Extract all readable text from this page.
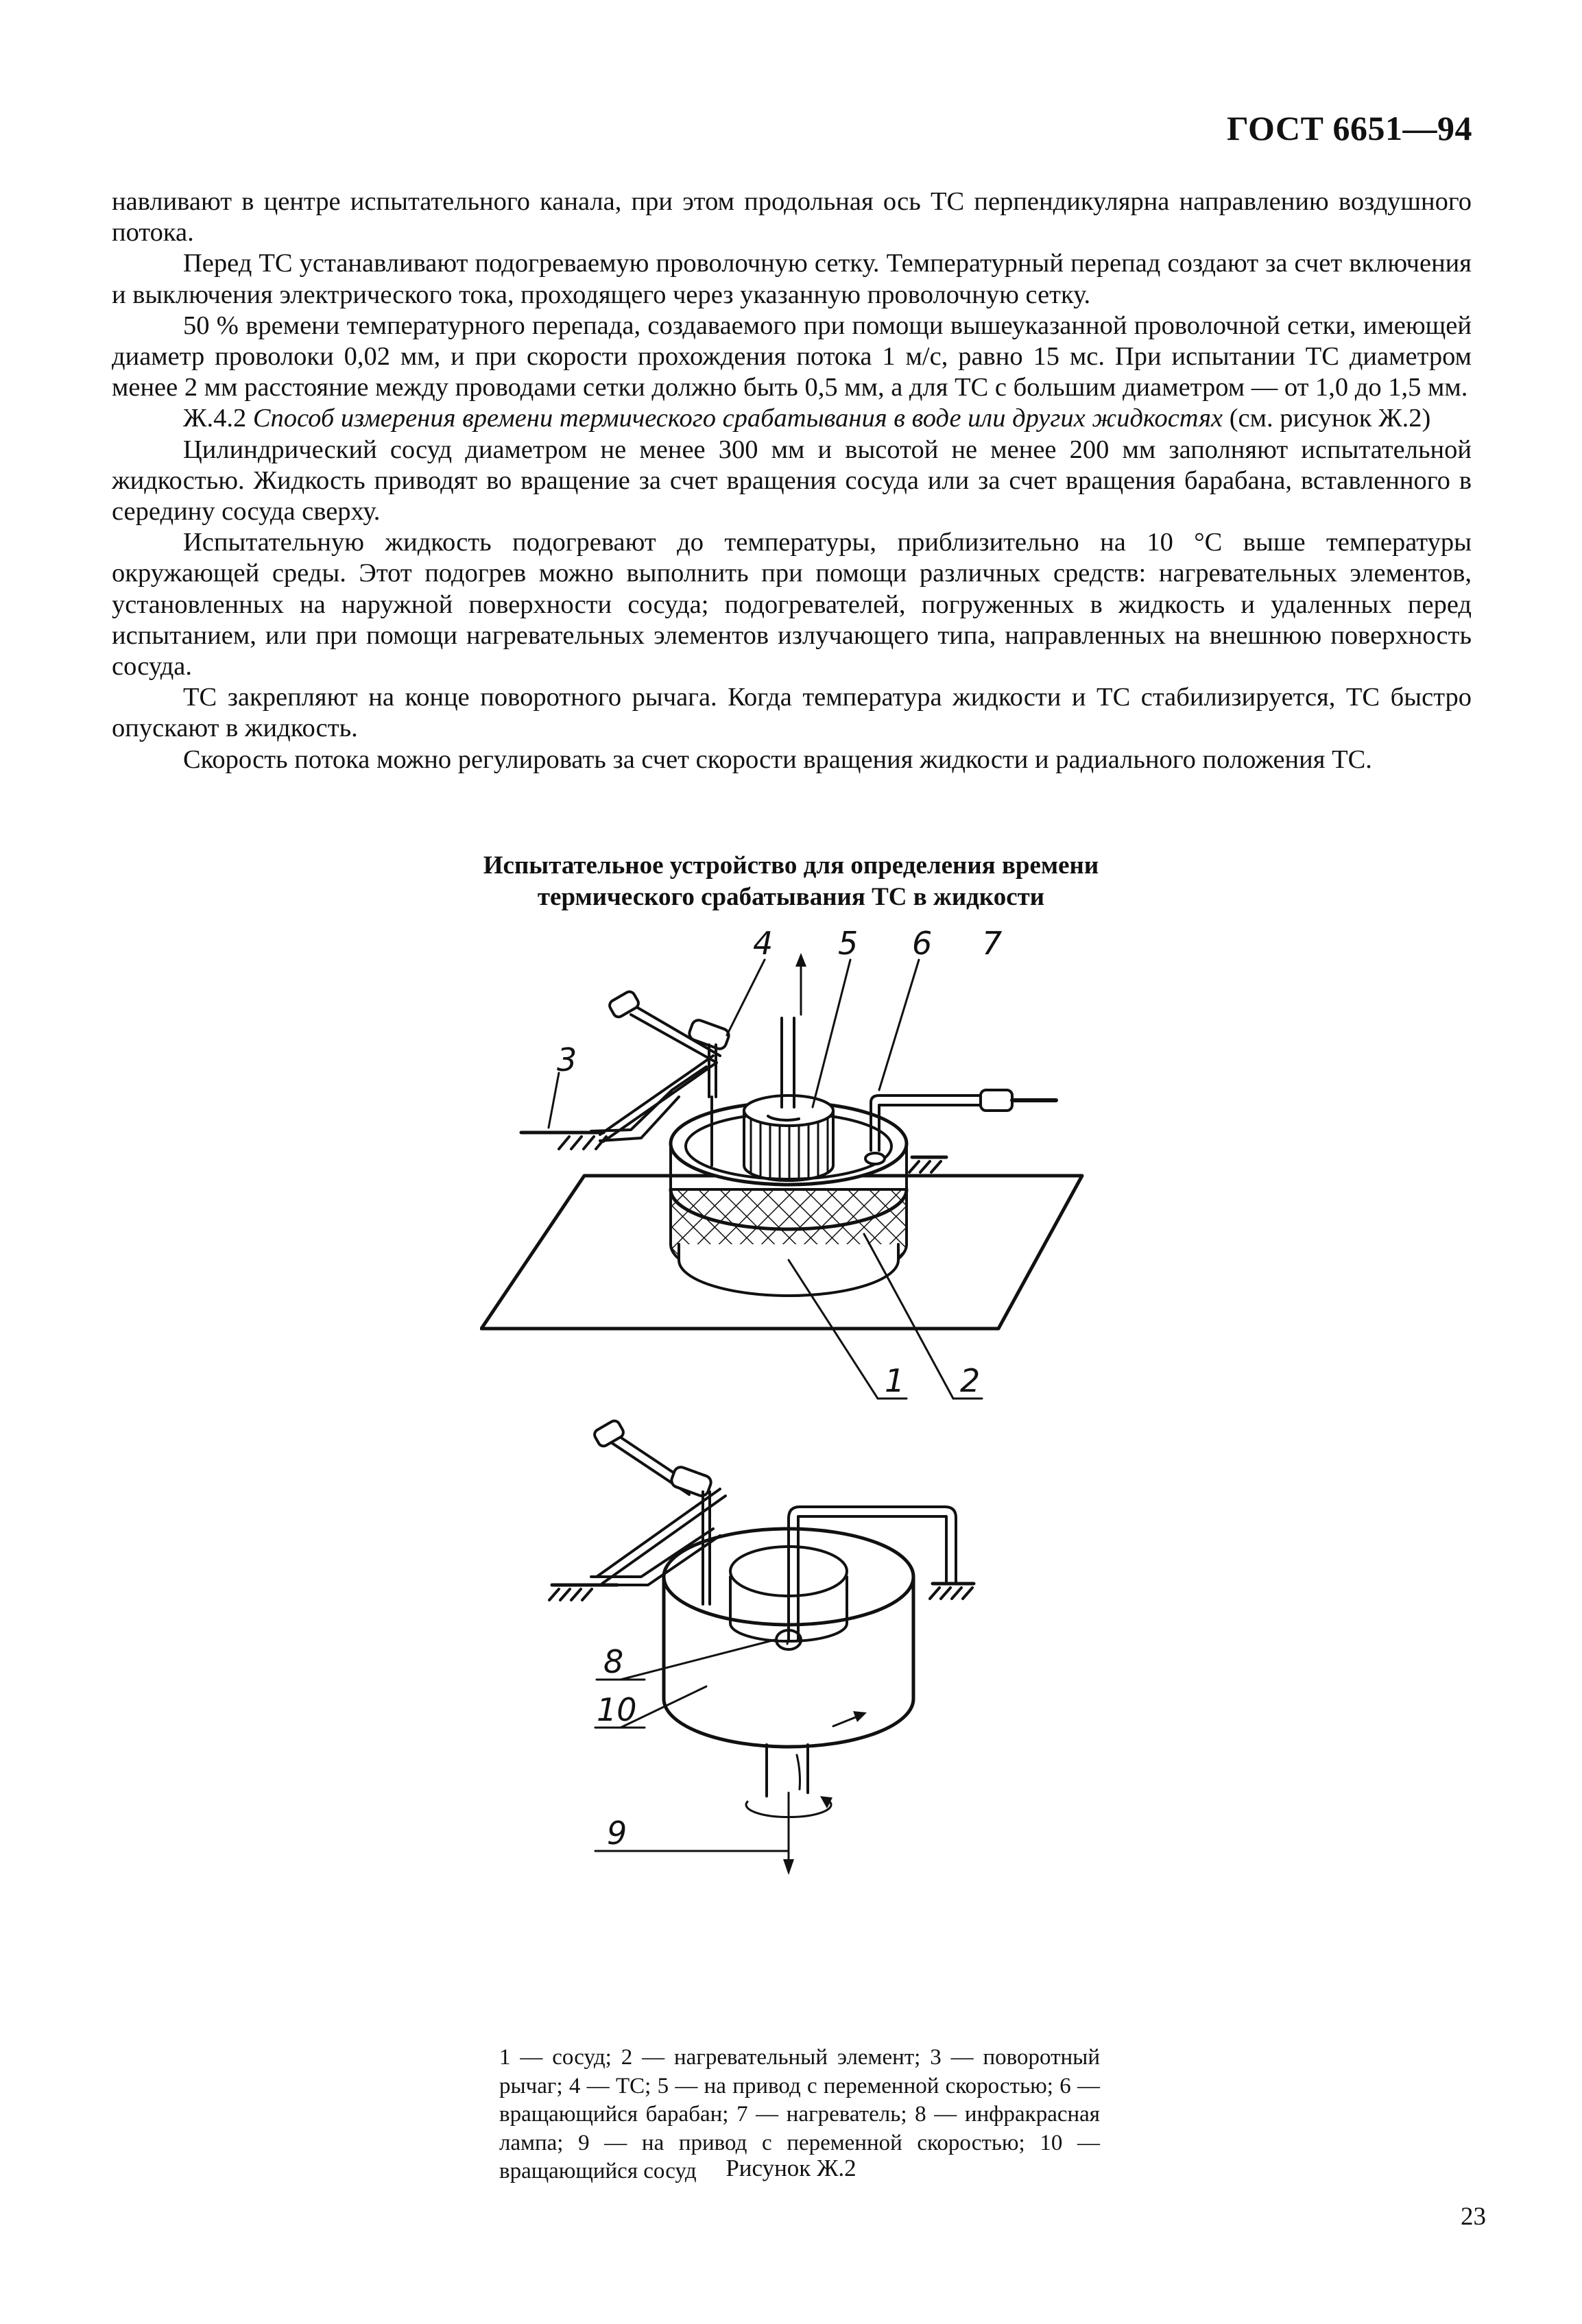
ГОСТ 6651—94

навливают в центре испытательного канала, при этом продольная ось ТС перпендикулярна направлению воздушного потока.

Перед ТС устанавливают подогреваемую проволочную сетку. Температурный перепад создают за счет включения и выключения электрического тока, проходящего через указанную проволочную сетку.

50 % времени температурного перепада, создаваемого при помощи вышеуказанной проволочной сетки, имеющей диаметр проволоки 0,02 мм, и при скорости прохождения потока 1 м/с, равно 15 мс. При испытании ТС диаметром менее 2 мм расстояние между проводами сетки должно быть 0,5 мм, а для ТС с большим диаметром — от 1,0 до 1,5 мм.

Ж.4.2 Способ измерения времени термического срабатывания в воде или других жидкостях (см. рисунок Ж.2)

Цилиндрический сосуд диаметром не менее 300 мм и высотой не менее 200 мм заполняют испытательной жидкостью. Жидкость приводят во вращение за счет вращения сосуда или за счет вращения барабана, вставленного в середину сосуда сверху.

Испытательную жидкость подогревают до температуры, приблизительно на 10 °С выше температуры окружающей среды. Этот подогрев можно выполнить при помощи различных средств: нагревательных элементов, установленных на наружной поверхности сосуда; подогревателей, погруженных в жидкость и удаленных перед испытанием, или при помощи нагревательных элементов излучающего типа, направленных на внешнюю поверхность сосуда.

ТС закрепляют на конце поворотного рычага. Когда температура жидкости и ТС стабилизируется, ТС быстро опускают в жидкость.

Скорость потока можно регулировать за счет скорости вращения жидкости и радиального положения ТС.

Испытательное устройство для определения времени
термического срабатывания ТС в жидкости
4 5 6 7
3
1 2
8
10
9
1 — сосуд; 2 — нагревательный элемент; 3 — поворотный рычаг; 4 — ТС; 5 — на привод с переменной скоростью; 6 — вращающийся барабан; 7 — нагреватель; 8 — инфракрасная лампа; 9 — на привод с переменной скоростью; 10 — вращающийся сосуд	Рисунок Ж.2
23
